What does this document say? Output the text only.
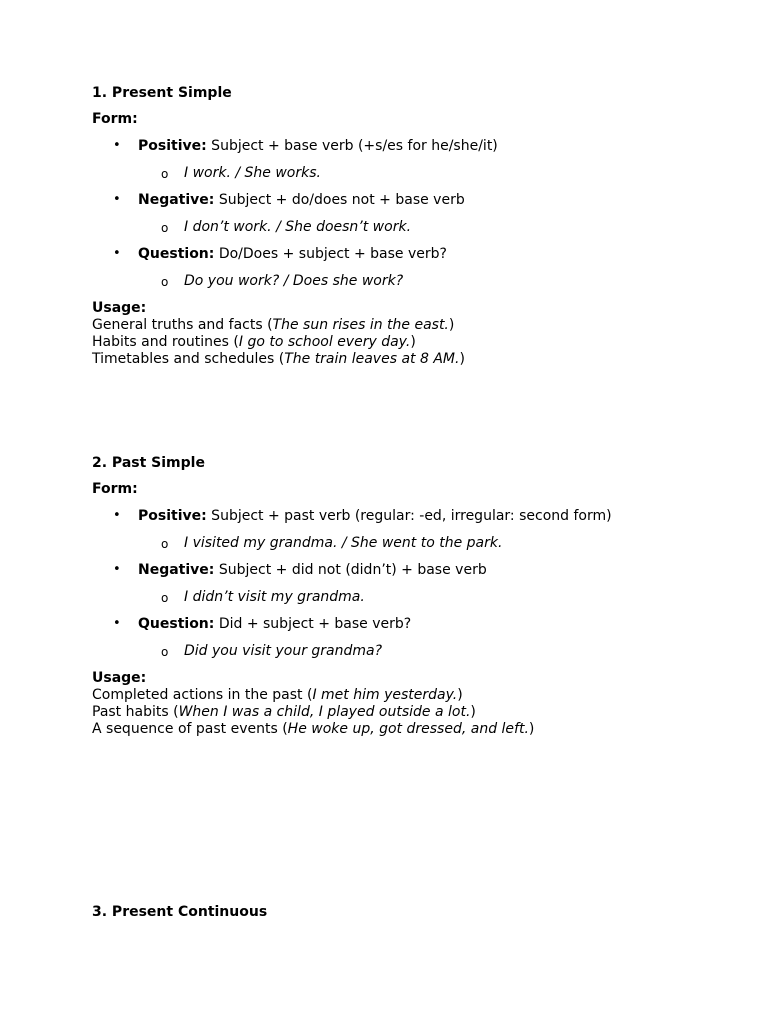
1. Present Simple
Form:
• Positive: Subject + base verb (+s/es for he/she/it)
o I work. / She works.
• Negative: Subject + do/does not + base verb
o I don’t work. / She doesn’t work.
• Question: Do/Does + subject + base verb?
o Do you work? / Does she work?
Usage:
General truths and facts (The sun rises in the east.)
Habits and routines (I go to school every day.)
Timetables and schedules (The train leaves at 8 AM.)
2. Past Simple
Form:
• Positive: Subject + past verb (regular: -ed, irregular: second form)
o I visited my grandma. / She went to the park.
• Negative: Subject + did not (didn’t) + base verb
o I didn’t visit my grandma.
• Question: Did + subject + base verb?
o Did you visit your grandma?
Usage:
Completed actions in the past (I met him yesterday.)
Past habits (When I was a child, I played outside a lot.)
A sequence of past events (He woke up, got dressed, and left.)
3. Present Continuous
